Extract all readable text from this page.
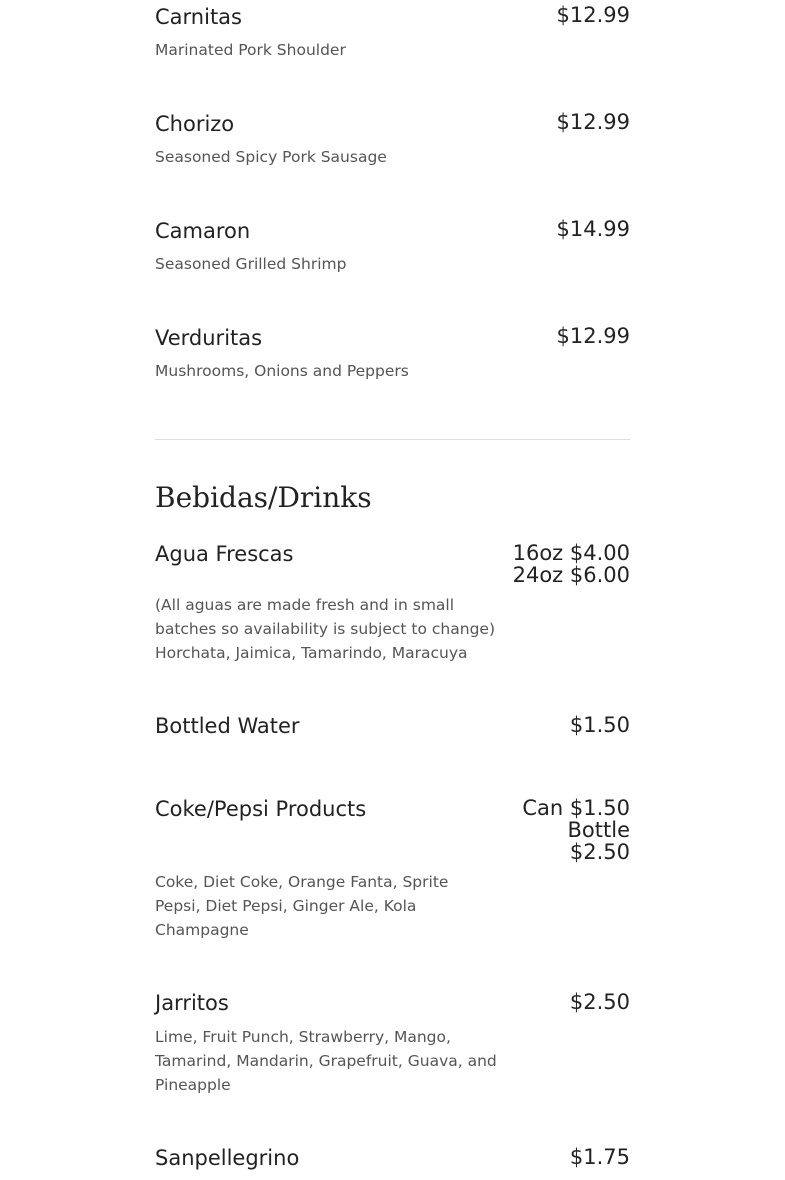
Carnitas	$12.99
Marinated Pork Shoulder
Chorizo	$12.99
Seasoned Spicy Pork Sausage
Camaron	$14.99
Seasoned Grilled Shrimp
Verduritas	$12.99
Mushrooms, Onions and Peppers
Bebidas/Drinks
Agua Frescas	16oz $4.00
24oz $6.00
(All aguas are made fresh and in small
batches so availability is subject to change)
Horchata, Jaimica, Tamarindo, Maracuya
Bottled Water	$1.50
Coke/Pepsi Products	Can $1.50
Bottle
$2.50
Coke, Diet Coke, Orange Fanta, Sprite
Pepsi, Diet Pepsi, Ginger Ale, Kola
Champagne
Jarritos	$2.50
Lime, Fruit Punch, Strawberry, Mango,
Tamarind, Mandarin, Grapefruit, Guava, and
Pineapple
Sanpellegrino	$1.75
